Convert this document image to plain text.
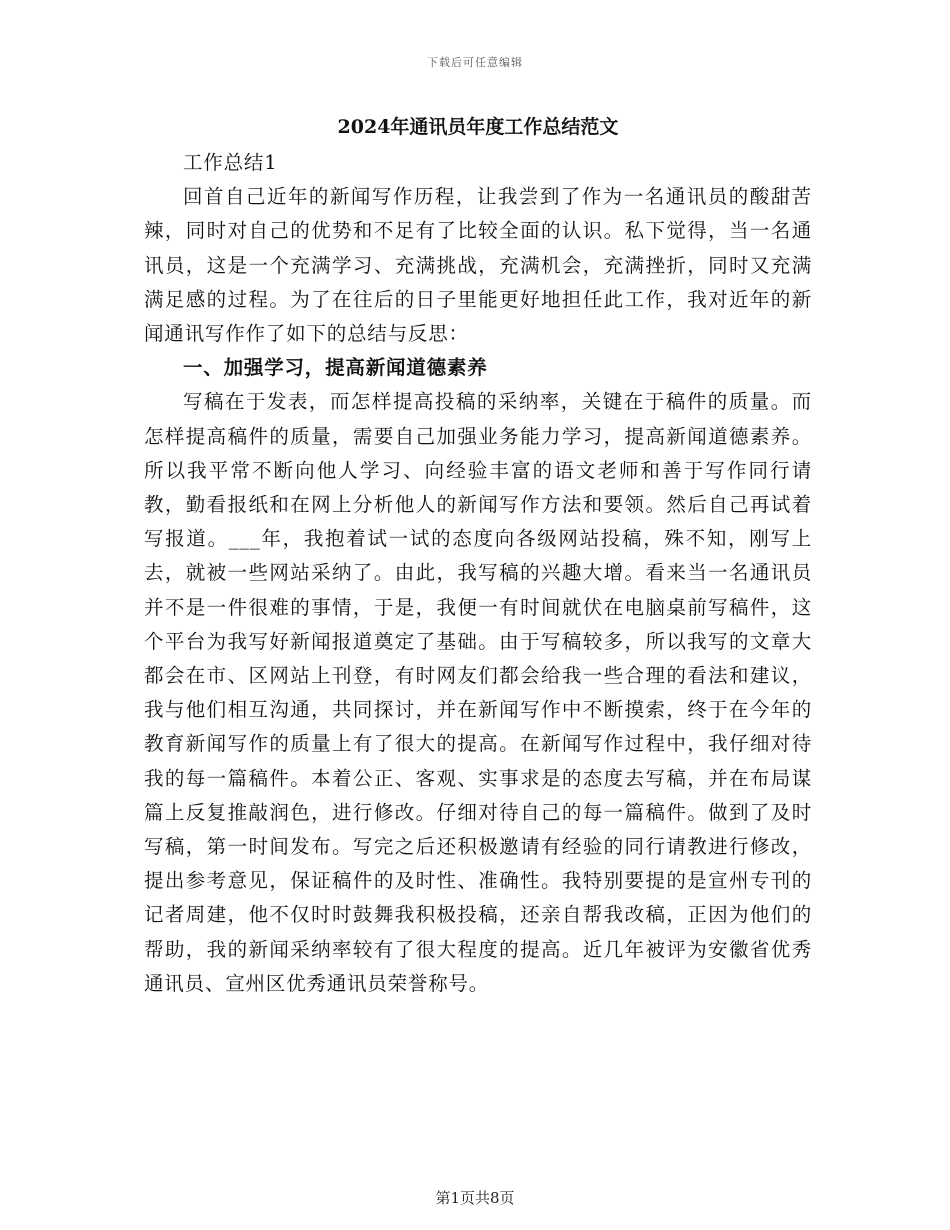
下载后可任意编辑
2024年通讯员年度工作总结范文

工作总结1

回首自己近年的新闻写作历程，让我尝到了作为一名通讯员的酸甜苦辣，同时对自己的优势和不足有了比较全面的认识。私下觉得，当一名通讯员，这是一个充满学习、充满挑战，充满机会，充满挫折，同时又充满满足感的过程。为了在往后的日子里能更好地担任此工作，我对近年的新闻通讯写作作了如下的总结与反思：

一、加强学习，提高新闻道德素养

写稿在于发表，而怎样提高投稿的采纳率，关键在于稿件的质量。而怎样提高稿件的质量，需要自己加强业务能力学习，提高新闻道德素养。所以我平常不断向他人学习、向经验丰富的语文老师和善于写作同行请教，勤看报纸和在网上分析他人的新闻写作方法和要领。然后自己再试着写报道。___年，我抱着试一试的态度向各级网站投稿，殊不知，刚写上去，就被一些网站采纳了。由此，我写稿的兴趣大增。看来当一名通讯员并不是一件很难的事情，于是，我便一有时间就伏在电脑桌前写稿件，这个平台为我写好新闻报道奠定了基础。由于写稿较多，所以我写的文章大都会在市、区网站上刊登，有时网友们都会给我一些合理的看法和建议，我与他们相互沟通，共同探讨，并在新闻写作中不断摸索，终于在今年的教育新闻写作的质量上有了很大的提高。在新闻写作过程中，我仔细对待我的每一篇稿件。本着公正、客观、实事求是的态度去写稿，并在布局谋篇上反复推敲润色，进行修改。仔细对待自己的每一篇稿件。做到了及时写稿，第一时间发布。写完之后还积极邀请有经验的同行请教进行修改，提出参考意见，保证稿件的及时性、准确性。我特别要提的是宣州专刊的记者周建，他不仅时时鼓舞我积极投稿，还亲自帮我改稿，正因为他们的帮助，我的新闻采纳率较有了很大程度的提高。近几年被评为安徽省优秀通讯员、宣州区优秀通讯员荣誉称号。

第1页共8页
